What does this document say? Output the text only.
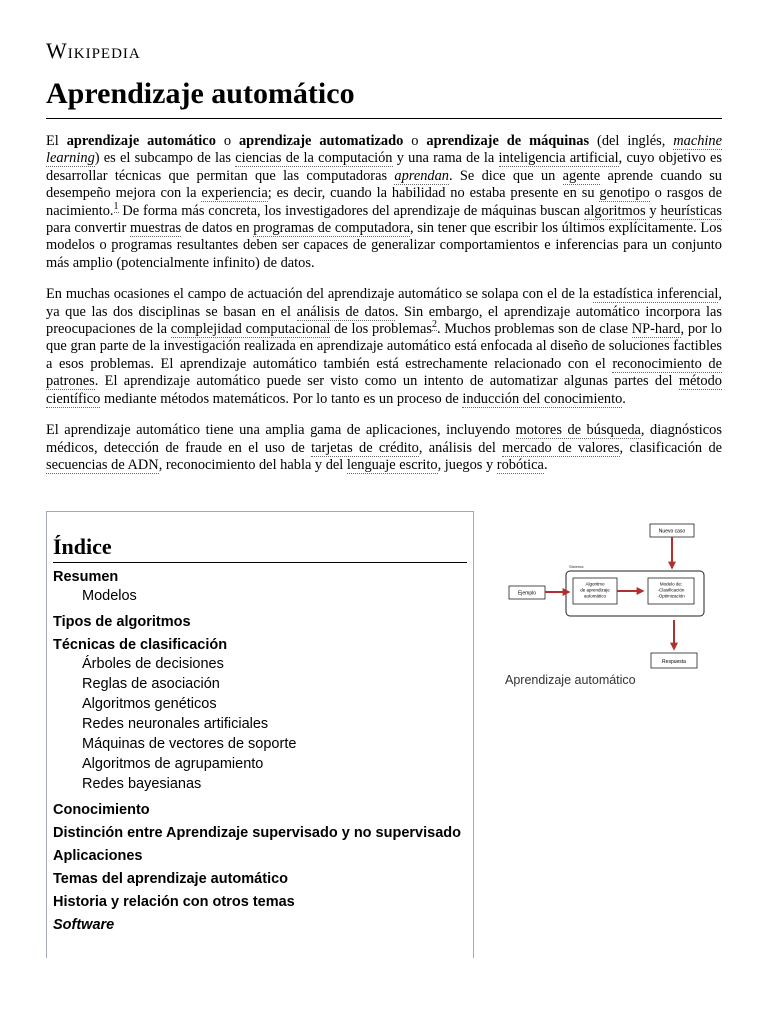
Wikipedia
Aprendizaje automático

El aprendizaje automático o aprendizaje automatizado o aprendizaje de máquinas (del inglés, machine learning) es el subcampo de las ciencias de la computación y una rama de la inteligencia artificial, cuyo objetivo es desarrollar técnicas que permitan que las computadoras aprendan. Se dice que un agente aprende cuando su desempeño mejora con la experiencia; es decir, cuando la habilidad no estaba presente en su genotipo o rasgos de nacimiento.$^1$ De forma más concreta, los investigadores del aprendizaje de máquinas buscan algoritmos y heurísticas para convertir muestras de datos en programas de computadora, sin tener que escribir los últimos explícitamente. Los modelos o programas resultantes deben ser capaces de generalizar comportamientos e inferencias para un conjunto más amplio (potencialmente infinito) de datos.

En muchas ocasiones el campo de actuación del aprendizaje automático se solapa con el de la estadística inferencial, ya que las dos disciplinas se basan en el análisis de datos. Sin embargo, el aprendizaje automático incorpora las preocupaciones de la complejidad computacional de los problemas$^2$. Muchos problemas son de clase NP-hard, por lo que gran parte de la investigación realizada en aprendizaje automático está enfocada al diseño de soluciones factibles a esos problemas. El aprendizaje automático también está estrechamente relacionado con el reconocimiento de patrones. El aprendizaje automático puede ser visto como un intento de automatizar algunas partes del método científico mediante métodos matemáticos. Por lo tanto es un proceso de inducción del conocimiento.

El aprendizaje automático tiene una amplia gama de aplicaciones, incluyendo motores de búsqueda, diagnósticos médicos, detección de fraude en el uso de tarjetas de crédito, análisis del mercado de valores, clasificación de secuencias de ADN, reconocimiento del habla y del lenguaje escrito, juegos y robótica.

Índice
Resumen
Modelos
Tipos de algoritmos
Técnicas de clasificación
Árboles de decisiones
Reglas de asociación
Algoritmos genéticos
Redes neuronales artificiales
Máquinas de vectores de soporte
Algoritmos de agrupamiento
Redes bayesianas
Conocimiento
Distinción entre Aprendizaje supervisado y no supervisado
Aplicaciones
Temas del aprendizaje automático
Historia y relación con otros temas
Software
Sistema
Nuevo caso
Ejemplo
Algoritmo
de aprendizaje
automático
Modelo de:
-Clasificación
-Optimización
Respuesta
Aprendizaje automático
